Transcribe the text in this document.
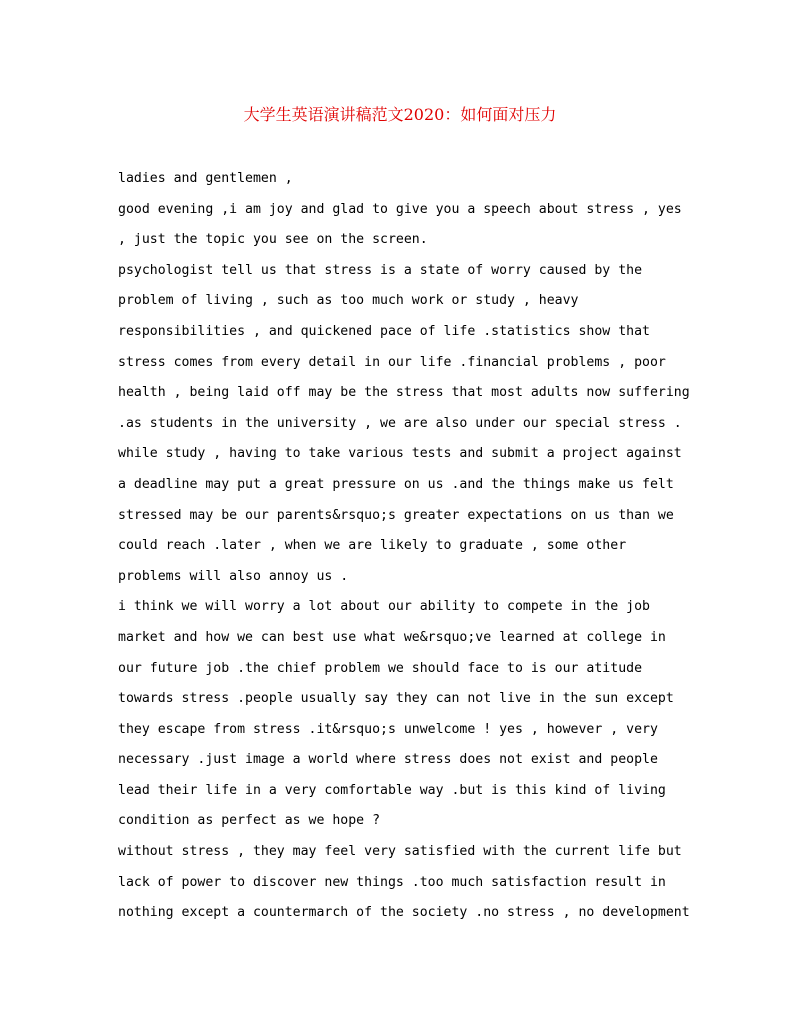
大学生英语演讲稿范文2020：如何面对压力
ladies and gentlemen ,
good evening ,i am joy and glad to give you a speech about stress , yes
, just the topic you see on the screen.
psychologist tell us that stress is a state of worry caused by the
problem of living , such as too much work or study , heavy
responsibilities , and quickened pace of life .statistics show that
stress comes from every detail in our life .financial problems , poor
health , being laid off may be the stress that most adults now suffering
.as students in the university , we are also under our special stress .
while study , having to take various tests and submit a project against
a deadline may put a great pressure on us .and the things make us felt
stressed may be our parents&rsquo;s greater expectations on us than we
could reach .later , when we are likely to graduate , some other
problems will also annoy us .
i think we will worry a lot about our ability to compete in the job
market and how we can best use what we&rsquo;ve learned at college in
our future job .the chief problem we should face to is our atitude
towards stress .people usually say they can not live in the sun except
they escape from stress .it&rsquo;s unwelcome ! yes , however , very
necessary .just image a world where stress does not exist and people
lead their life in a very comfortable way .but is this kind of living
condition as perfect as we hope ?
without stress , they may feel very satisfied with the current life but
lack of power to discover new things .too much satisfaction result in
nothing except a countermarch of the society .no stress , no development
